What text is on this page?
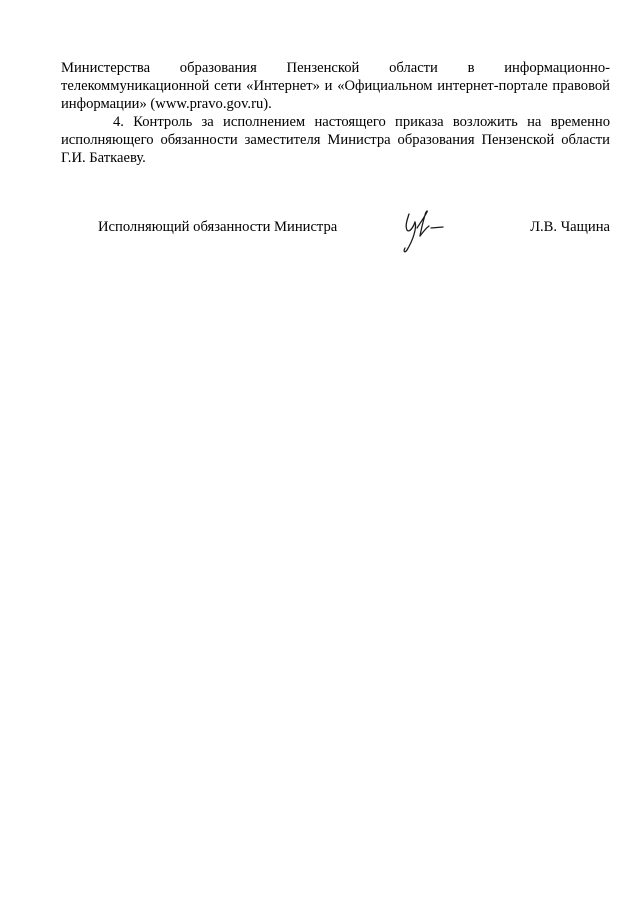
Министерства образования Пензенской области в информационно-телекоммуникационной сети «Интернет» и «Официальном интернет-портале правовой информации» (www.pravo.gov.ru).

4. Контроль за исполнением настоящего приказа возложить на временно исполняющего обязанности заместителя Министра образования Пензенской области Г.И. Баткаеву.

Исполняющий обязанности Министра	Л.В. Чащина
